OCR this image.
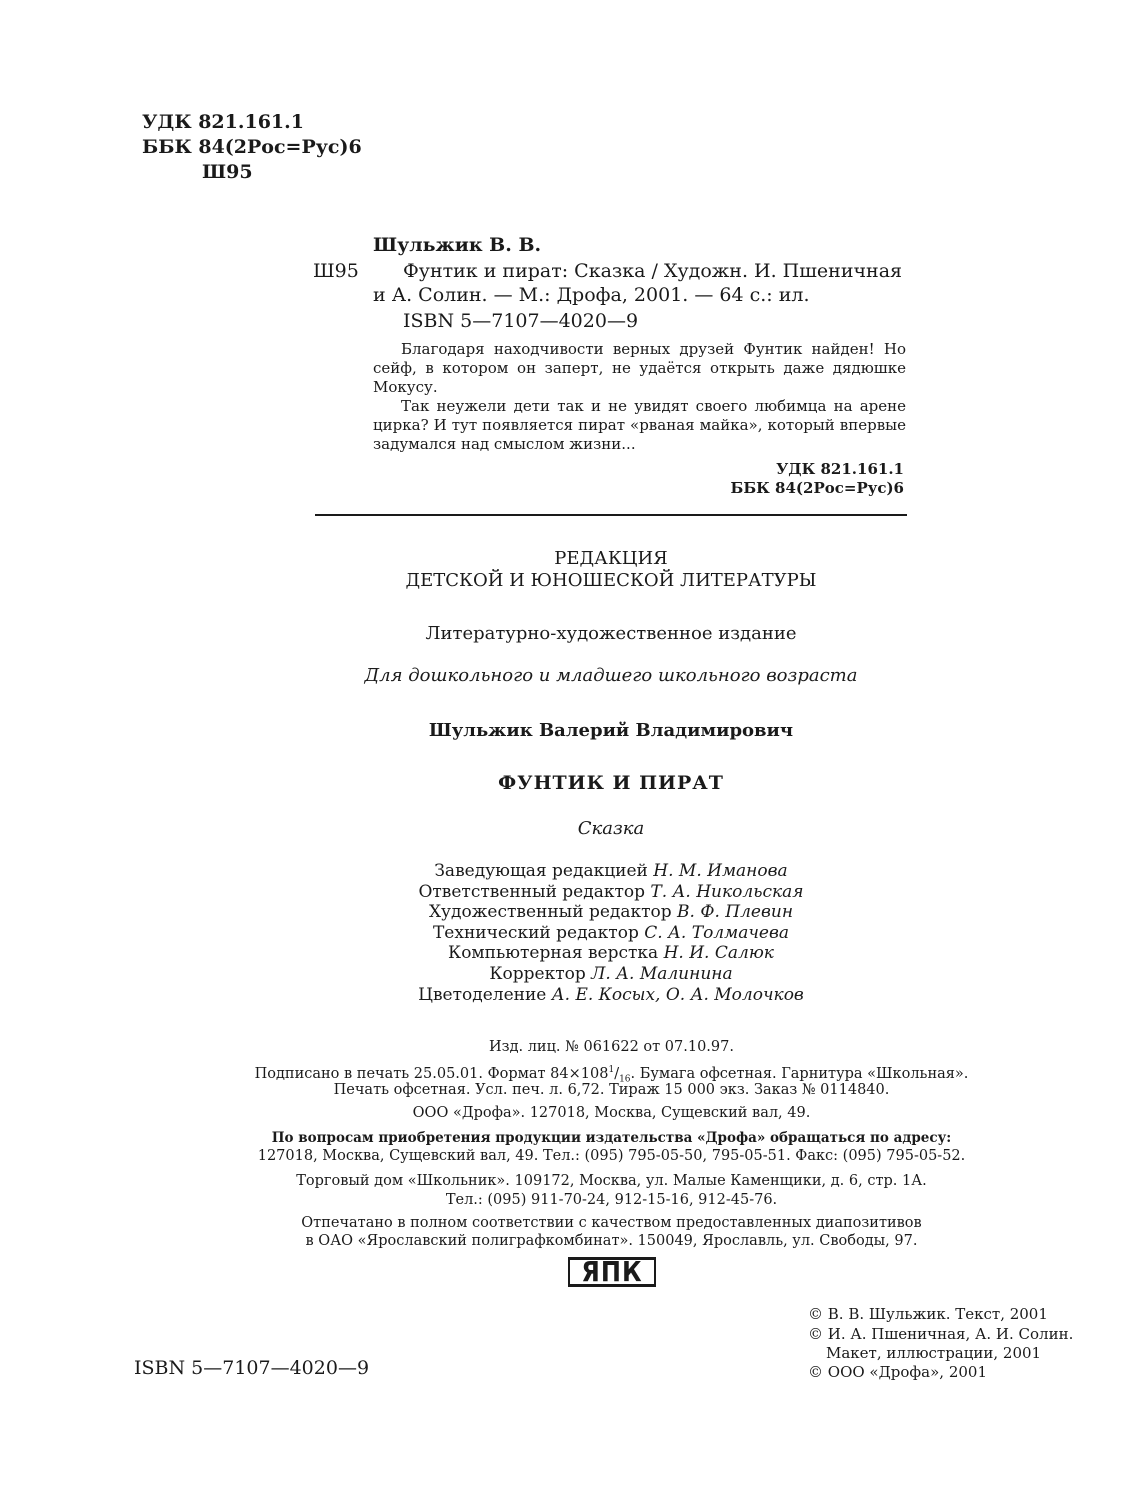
УДК 821.161.1
ББК 84(2Рос=Рус)6
Ш95
Шульжик В. В.
Ш95 Фунтик и пират: Сказка / Художн. И. Пшеничная
и А. Солин. — М.: Дрофа, 2001. — 64 с.: ил.
ISBN 5—7107—4020—9

Благодаря находчивости верных друзей Фунтик найден! Но сейф, в котором он заперт, не удаётся открыть даже дядюшке Мокусу.

Так неужели дети так и не увидят своего любимца на арене цирка? И тут появляется пират «рваная майка», который впервые задумался над смыслом жизни...

УДК 821.161.1
ББК 84(2Рос=Рус)6
РЕДАКЦИЯ
ДЕТСКОЙ И ЮНОШЕСКОЙ ЛИТЕРАТУРЫ
Литературно-художественное издание
Для дошкольного и младшего школьного возраста
Шульжик Валерий Владимирович
ФУНТИК И ПИРАТ
Сказка
Заведующая редакцией Н. М. Иманова
Ответственный редактор Т. А. Никольская
Художественный редактор В. Ф. Плевин
Технический редактор С. А. Толмачева
Компьютерная верстка Н. И. Салюк
Корректор Л. А. Малинина
Цветоделение А. Е. Косых, О. А. Молочков
Изд. лиц. № 061622 от 07.10.97.
Подписано в печать 25.05.01. Формат $84\times 108^1/_{16}$. Бумага офсетная. Гарнитура «Школьная».
Печать офсетная. Усл. печ. л. 6,72. Тираж 15 000 экз. Заказ № 0114840.
ООО «Дрофа». 127018, Москва, Сущевский вал, 49.
По вопросам приобретения продукции издательства «Дрофа» обращаться по адресу:
127018, Москва, Сущевский вал, 49. Тел.: (095) 795-05-50, 795-05-51. Факс: (095) 795-05-52.
Торговый дом «Школьник». 109172, Москва, ул. Малые Каменщики, д. 6, стр. 1А.
Тел.: (095) 911-70-24, 912-15-16, 912-45-76.
Отпечатано в полном соответствии с качеством предоставленных диапозитивов
в ОАО «Ярославский полиграфкомбинат». 150049, Ярославль, ул. Свободы, 97.
ЯПК
ISBN 5—7107—4020—9
© В. В. Шульжик. Текст, 2001
© И. А. Пшеничная, А. И. Солин.
Макет, иллюстрации, 2001
© ООО «Дрофа», 2001
